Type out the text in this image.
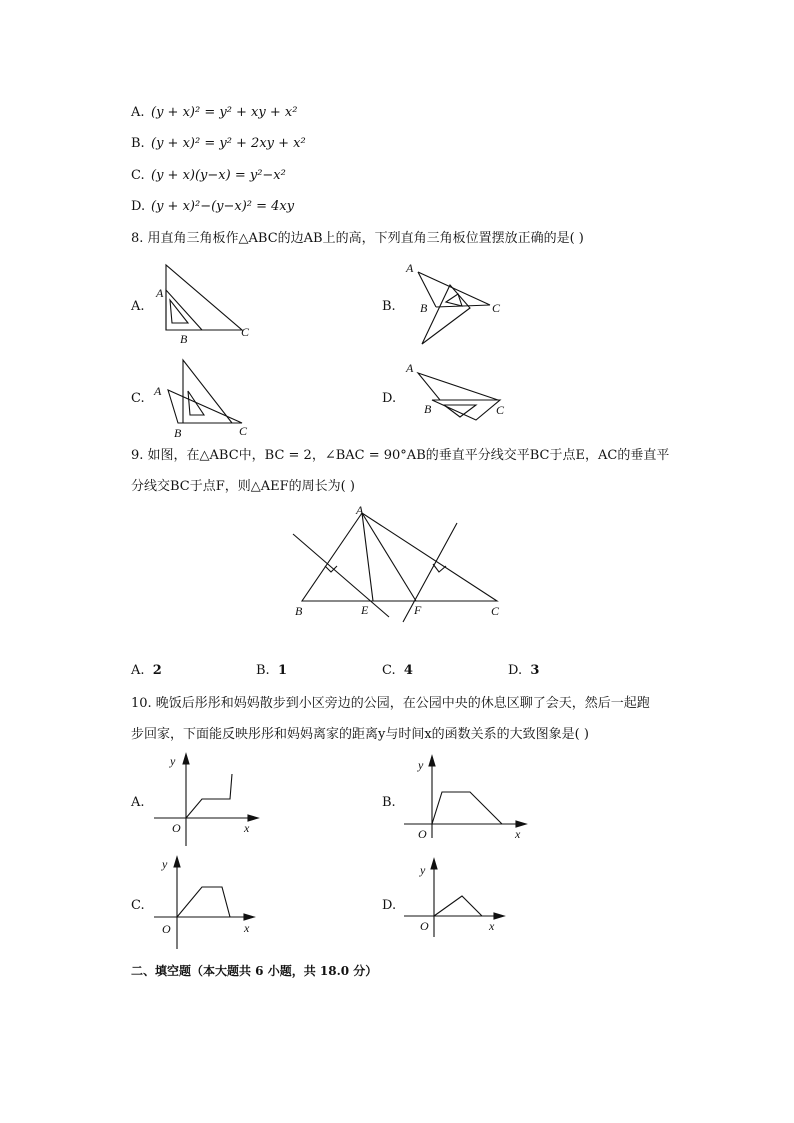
A. (y + x)² = y² + xy + x²
B. (y + x)² = y² + 2xy + x²
C. (y + x)(y−x) = y²−x²
D. (y + x)²−(y−x)² = 4xy
8. 用直角三角板作△ABC的边AB上的高，下列直角三角板位置摆放正确的是( )
A.
A
B	C
B.
A
B	C
C. A
B	C
D.
A
B	C
9. 如图，在△ABC中，BC = 2，∠BAC = 90°AB的垂直平分线交平BC于点E，AC的垂直平
分线交BC于点F，则△AEF的周长为( )
A
B	C
E	F
A. 2	B. 1	C. 4	D. 3
10. 晚饭后彤彤和妈妈散步到小区旁边的公园，在公园中央的休息区聊了会天，然后一起跑
步回家，下面能反映彤彤和妈妈离家的距离y与时间x的函数关系的大致图象是( )
A.
y
O	x
B.
y
O	x
C.
y
O	x
D.
y
O	x
二、填空题（本大题共 6 小题，共 18.0 分）
